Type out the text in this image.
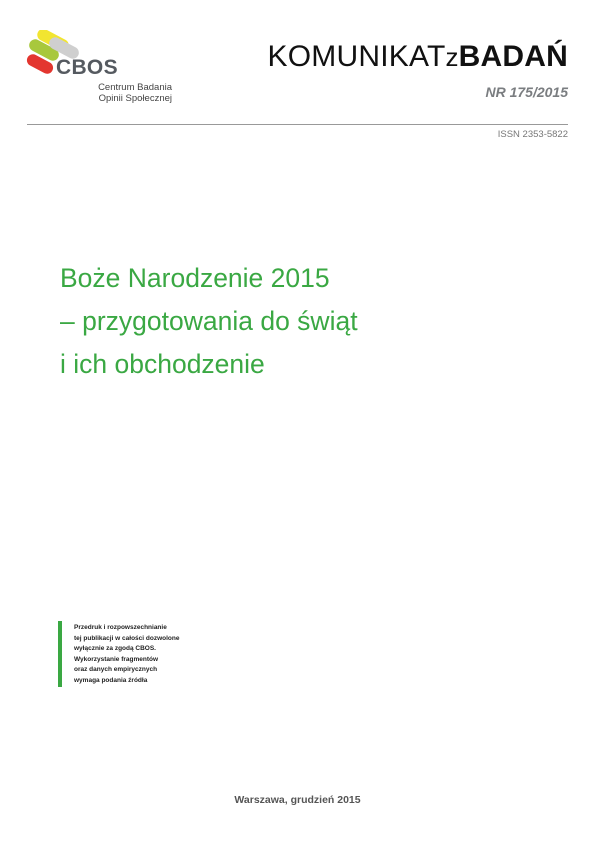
CBOS
Centrum Badania
Opinii Społecznej
KOMUNIKATzBADAŃ
NR 175/2015
ISSN 2353-5822
Boże Narodzenie 2015
– przygotowania do świąt
i ich obchodzenie
Przedruk i rozpowszechnianie
tej publikacji w całości dozwolone
wyłącznie za zgodą CBOS.
Wykorzystanie fragmentów
oraz danych empirycznych
wymaga podania źródła
Warszawa, grudzień 2015
